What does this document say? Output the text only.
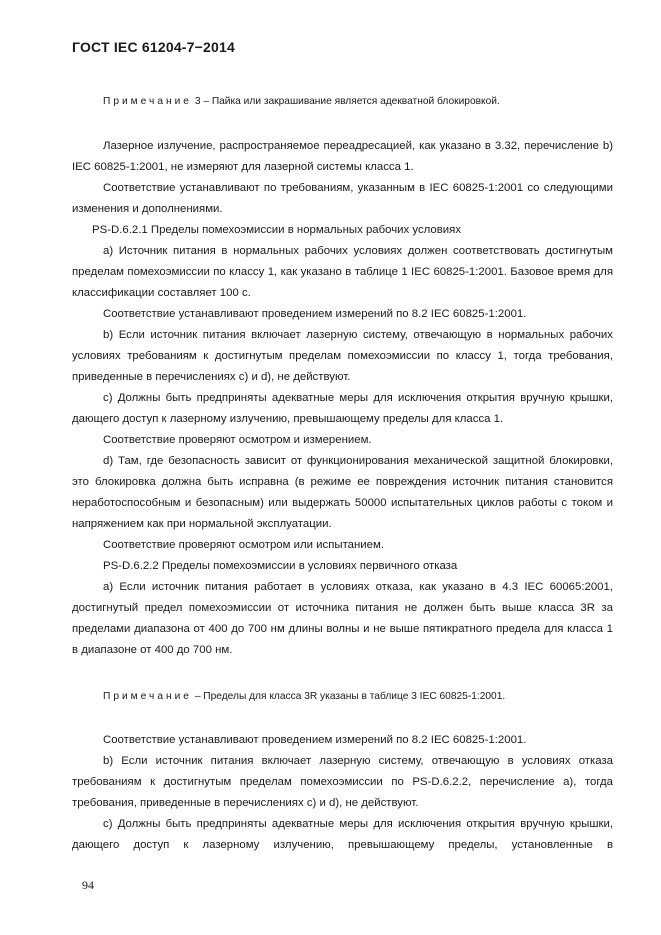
ГОСТ IEC 61204-7−2014

Примечание 3 – Пайка или закрашивание является адекватной блокировкой.

Лазерное излучение, распространяемое переадресацией, как указано в 3.32, перечисление b) IEC 60825-1:2001, не измеряют для лазерной системы класса 1.

Соответствие устанавливают по требованиям, указанным в IEC 60825-1:2001 со следующими изменения и дополнениями.

PS-D.6.2.1 Пределы помехоэмиссии в нормальных рабочих условиях

a) Источник питания в нормальных рабочих условиях должен соответствовать достигнутым пределам помехоэмиссии по классу 1, как указано в таблице 1 IEC 60825-1:2001. Базовое время для классификации составляет 100 с.

Соответствие устанавливают проведением измерений по 8.2 IEC 60825-1:2001.

b) Если источник питания включает лазерную систему, отвечающую в нормальных рабочих условиях требованиям к достигнутым пределам помехоэмиссии по классу 1, тогда требования, приведенные в перечислениях c) и d), не действуют.

c) Должны быть предприняты адекватные меры для исключения открытия вручную крышки, дающего доступ к лазерному излучению, превышающему пределы для класса 1.

Соответствие проверяют осмотром и измерением.

d) Там, где безопасность зависит от функционирования механической защитной блокировки, это блокировка должна быть исправна (в режиме ее повреждения источник питания становится неработоспособным и безопасным) или выдержать 50000 испытательных циклов работы с током и напряжением как при нормальной эксплуатации.

Соответствие проверяют осмотром или испытанием.

PS-D.6.2.2 Пределы помехоэмиссии в условиях первичного отказа

a) Если источник питания работает в условиях отказа, как указано в 4.3 IEC 60065:2001, достигнутый предел помехоэмиссии от источника питания не должен быть выше класса 3R за пределами диапазона от 400 до 700 нм длины волны и не выше пятикратного предела для класса 1 в диапазоне от 400 до 700 нм.

Примечание – Пределы для класса 3R указаны в таблице 3 IEC 60825-1:2001.

Соответствие устанавливают проведением измерений по 8.2 IEC 60825-1:2001.

b) Если источник питания включает лазерную систему, отвечающую в условиях отказа требованиям к достигнутым пределам помехоэмиссии по PS-D.6.2.2, перечисление a), тогда требования, приведенные в перечислениях c) и d), не действуют.

c) Должны быть предприняты адекватные меры для исключения открытия вручную крышки, дающего доступ к лазерному излучению, превышающему пределы, установленные в

94
